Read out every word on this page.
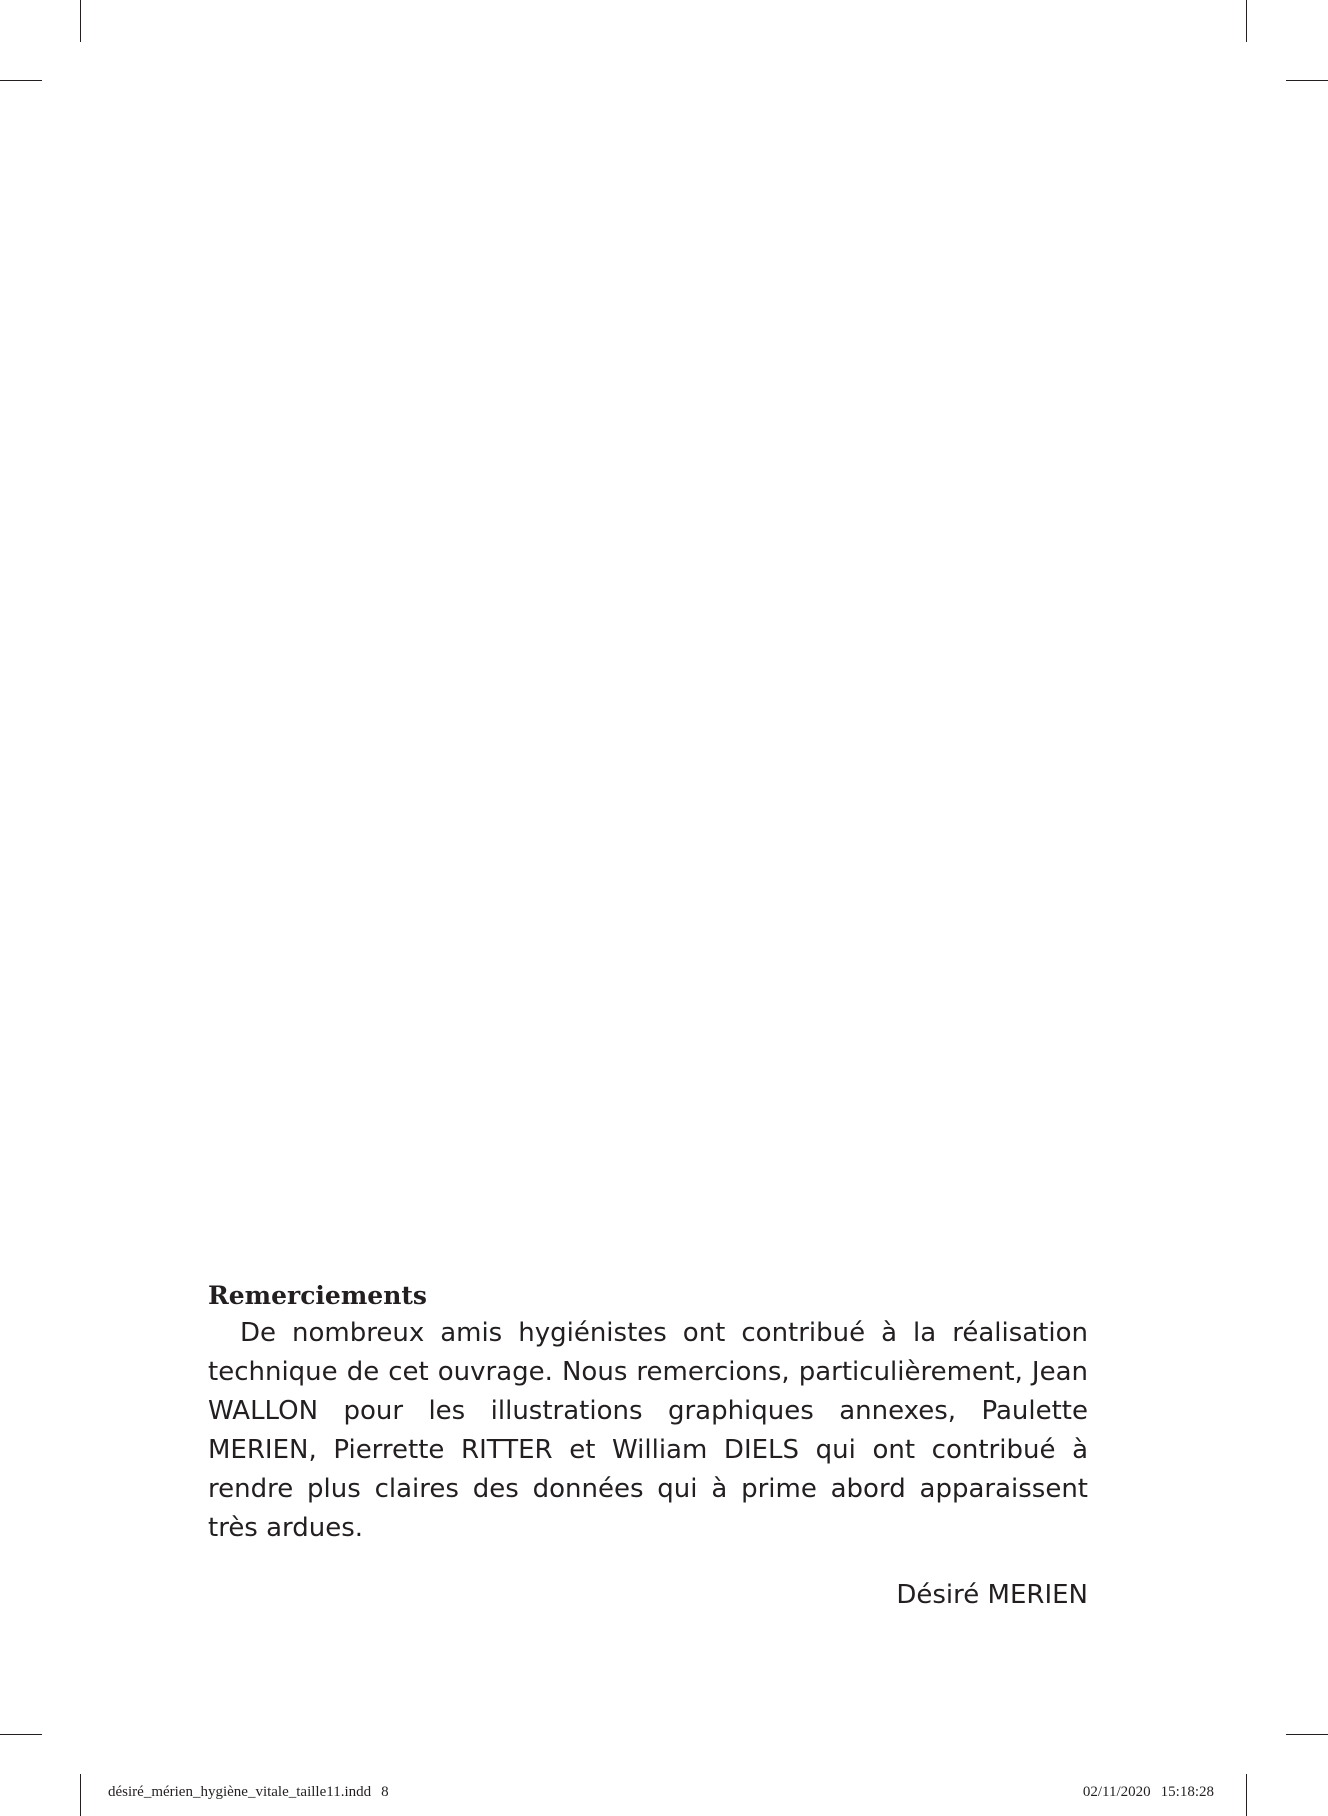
Remerciements

De nombreux amis hygiénistes ont contribué à la réalisation technique de cet ouvrage. Nous remercions, particulièrement, Jean WALLON pour les illustrations graphiques annexes, Paulette MERIEN, Pierrette RITTER et William DIELS qui ont contribué à rendre plus claires des données qui à prime abord apparaissent très ardues.

Désiré MERIEN

désiré_mérien_hygiène_vitale_taille11.indd 8	02/11/2020 15:18:28
